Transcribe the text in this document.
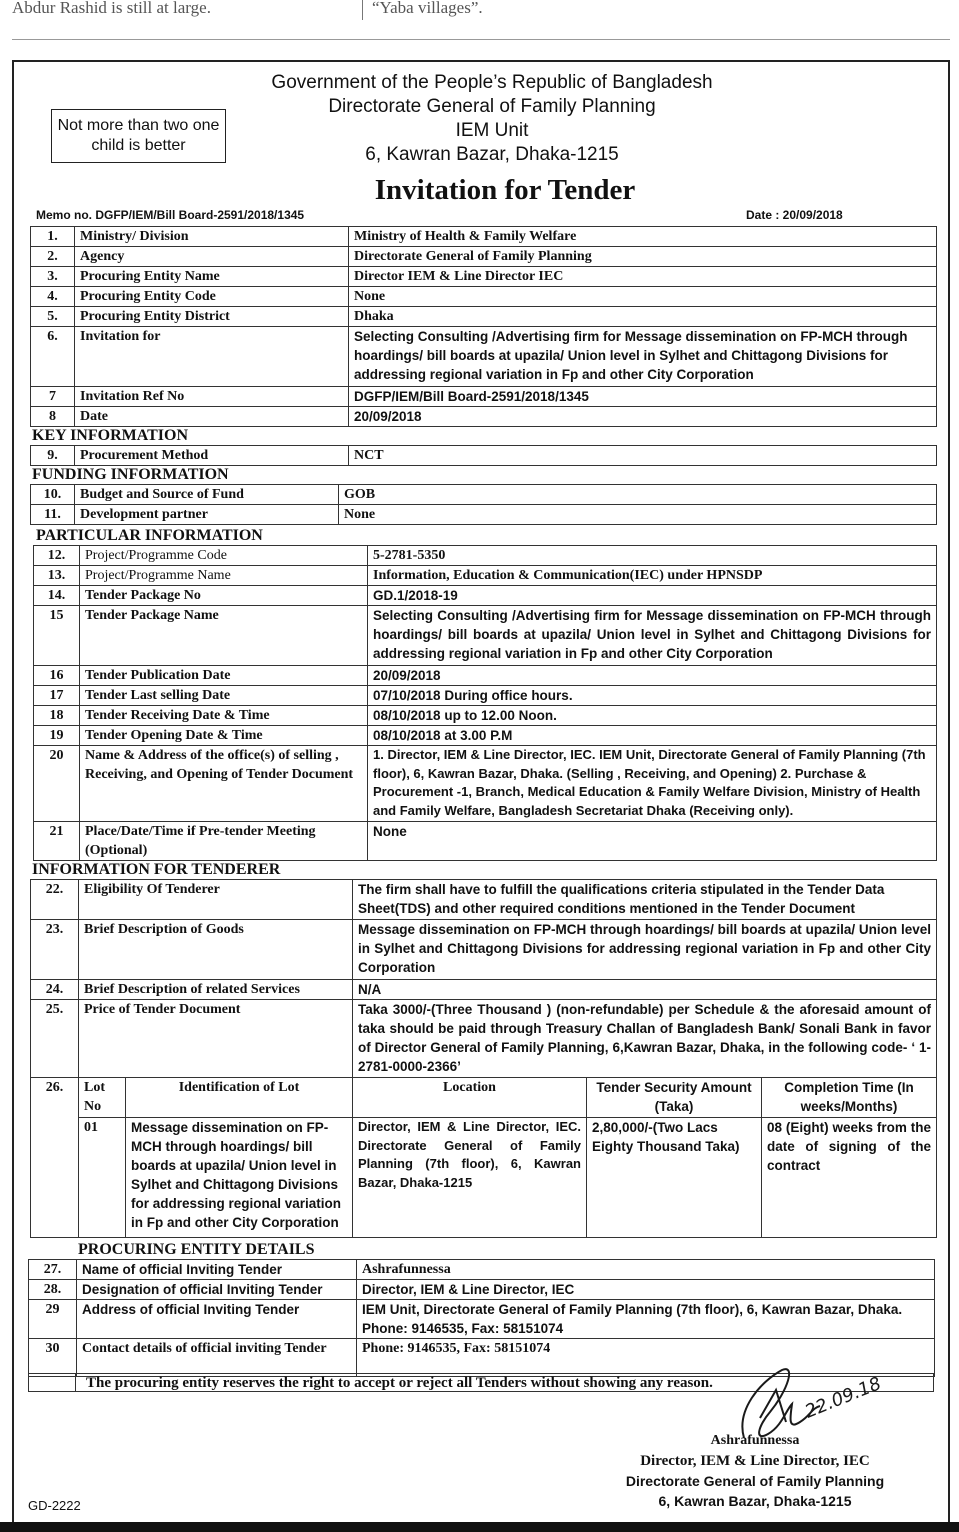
Abdur Rashid is still at large.	“Yaba villages”.
Not more than two one child is better
Government of the People’s Republic of Bangladesh
Directorate General of Family Planning
IEM Unit
6, Kawran Bazar, Dhaka-1215
Invitation for Tender
Memo no. DGFP/IEM/Bill Board-2591/2018/1345	Date : 20/09/2018
1.	Ministry/ Division	Ministry of Health & Family Welfare
2.	Agency	Directorate General of Family Planning
3.	Procuring Entity Name	Director IEM & Line Director IEC
4.	Procuring Entity Code	None
5.	Procuring Entity District	Dhaka
6.	Invitation for	Selecting Consulting /Advertising firm for Message dissemination on FP-MCH through hoardings/ bill boards at upazila/ Union level in Sylhet and Chittagong Divisions for addressing regional variation in Fp and other City Corporation
7	Invitation Ref No	DGFP/IEM/Bill Board-2591/2018/1345
8	Date	20/09/2018
KEY INFORMATION
9.	Procurement Method	NCT
FUNDING INFORMATION
10.	Budget and Source of Fund	GOB
11.	Development partner	None
PARTICULAR INFORMATION
12.	Project/Programme Code	5-2781-5350
13.	Project/Programme Name	Information, Education & Communication(IEC) under HPNSDP
14.	Tender Package No	GD.1/2018-19
15	Tender Package Name	Selecting Consulting /Advertising firm for Message dissemination on FP-MCH through hoardings/ bill boards at upazila/ Union level in Sylhet and Chittagong Divisions for addressing regional variation in Fp and other City Corporation
16	Tender Publication Date	20/09/2018
17	Tender Last selling Date	07/10/2018 During office hours.
18	Tender Receiving Date & Time	08/10/2018 up to 12.00 Noon.
19	Tender Opening Date & Time	08/10/2018 at 3.00 P.M
20	Name & Address of the office(s) of selling , Receiving, and Opening of Tender Document	1. Director, IEM & Line Director, IEC. IEM Unit, Directorate General of Family Planning (7th floor), 6, Kawran Bazar, Dhaka. (Selling , Receiving, and Opening) 2. Purchase & Procurement -1, Branch, Medical Education & Family Welfare Division, Ministry of Health and Family Welfare, Bangladesh Secretariat Dhaka (Receiving only).
21	Place/Date/Time if Pre-tender Meeting (Optional)	None
INFORMATION FOR TENDERER
22.	Eligibility Of Tenderer	The firm shall have to fulfill the qualifications criteria stipulated in the Tender Data Sheet(TDS) and other required conditions mentioned in the Tender Document
23.	Brief Description of Goods	Message dissemination on FP-MCH through hoardings/ bill boards at upazila/ Union level in Sylhet and Chittagong Divisions for addressing regional variation in Fp and other City Corporation
24.	Brief Description of related Services	N/A
25.	Price of Tender Document	Taka 3000/-(Three Thousand ) (non-refundable) per Schedule & the aforesaid amount of taka should be paid through Treasury Challan of Bangladesh Bank/ Sonali Bank in favor of Director General of Family Planning, 6,Kawran Bazar, Dhaka, in the following code- ‘ 1-2781-0000-2366’
26.	Lot No	Identification of Lot	Location	Tender Security Amount (Taka)	Completion Time (In weeks/Months)
	01	Message dissemination on FP-MCH through hoardings/ bill boards at upazila/ Union level in Sylhet and Chittagong Divisions for addressing regional variation in Fp and other City Corporation	Director, IEM & Line Director, IEC. Directorate General of Family Planning (7th floor), 6, Kawran Bazar, Dhaka-1215	2,80,000/-(Two Lacs Eighty Thousand Taka)	08 (Eight) weeks from the date of signing of the contract
PROCURING ENTITY DETAILS
27.	Name of official Inviting Tender	Ashrafunnessa
28.	Designation of official Inviting Tender	Director, IEM & Line Director, IEC
29	Address of official Inviting Tender	IEM Unit, Directorate General of Family Planning (7th floor), 6, Kawran Bazar, Dhaka. Phone: 9146535, Fax: 58151074
30	Contact details of official inviting Tender	Phone: 9146535, Fax: 58151074
The procuring entity reserves the right to accept or reject all Tenders without showing any reason.	22.09.18
Ashrafunnessa
Director, IEM & Line Director, IEC
Directorate General of Family Planning
6, Kawran Bazar, Dhaka-1215
GD-2222
